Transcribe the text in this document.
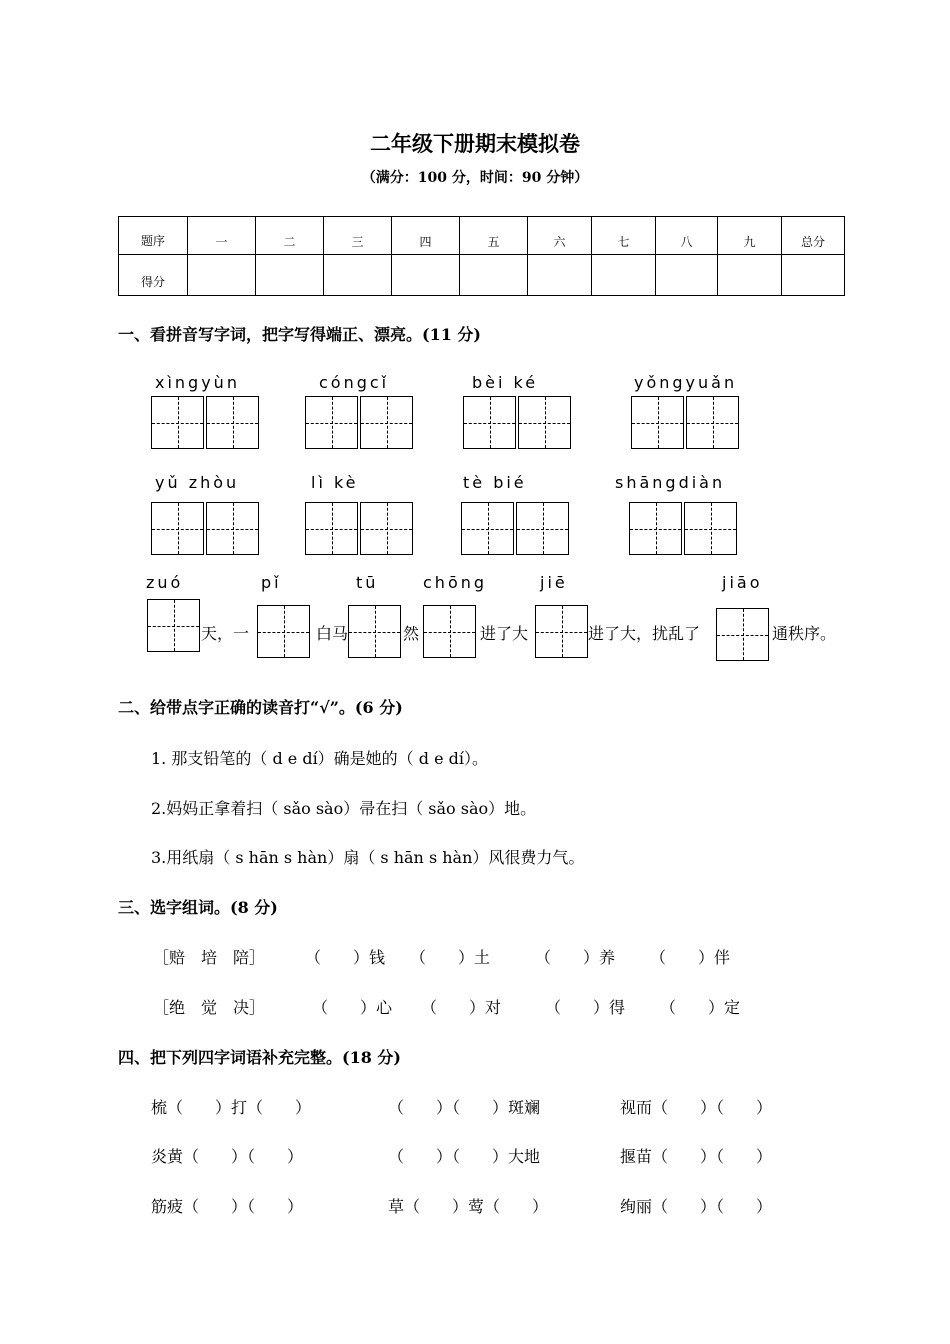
二年级下册期末模拟卷
（满分：100 分，时间：90 分钟）
题序	一	二	三	四	五	六	七	八	九	总分
得分										
一、看拼音写字词，把字写得端正、漂亮。(11 分)
xìngyùn	cóngcǐ	bèi ké	yǒngyuǎn
yǔ zhòu	lì kè	tè bié	shāngdiàn
zuó	pǐ	tū	chōng	jiē	jiāo
天，一	白马	然	进了大	进了大，扰乱了	通秩序。
二、给带点字正确的读音打“√”。(6 分)
1. 那支铅笔的（ d e dí）确是她的（ d e dí）。
2.妈妈正拿着扫（ sǎo sào）帚在扫（ sǎo sào）地。
3.用纸扇（ s hān s hàn）扇（ s hān s hàn）风很费力气。
三、选字组词。(8 分)
［赔　培　陪］ （　　）钱 （　　）土	（　　）养 （　　）伴
［绝　觉　决］	（　　）心 （　　）对	（　　）得 （　　）定
四、把下列四字词语补充完整。(18 分)
梳（　　）打（　　）	（　　）（　　）斑斓	视而（　　）（　　）
炎黄（　　）（　　）	（　　）（　　）大地	揠苗（　　）（　　）
筋疲（　　）（　　）	草（　　）莺（　　）	绚丽（　　）（　　）
